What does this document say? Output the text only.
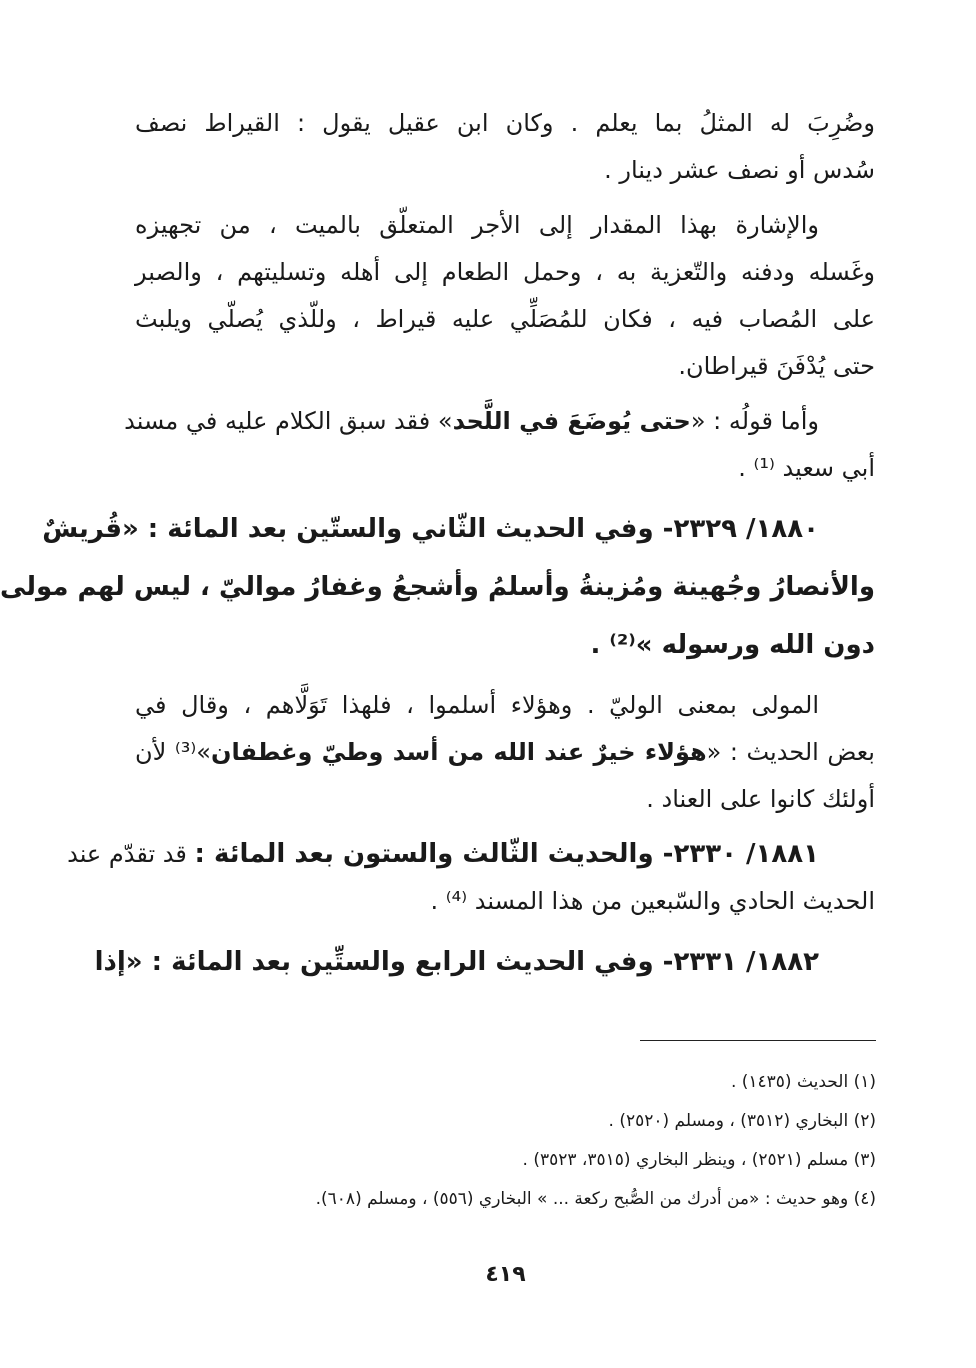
وضُرِبَ له المثلُ بما يعلم . وكان ابن عقيل يقول : القيراط نصف
سُدس أو نصف عشر دينار .
والإشارة بهذا المقدار إلى الأجر المتعلّق بالميت ، من تجهيزه
وغَسله ودفنه والتّعزية به ، وحمل الطعام إلى أهله وتسليتهم ، والصبر
على المُصاب فيه ، فكان للمُصَلِّي عليه قيراط ، وللّذي يُصلّي ويلبث
حتى يُدْفَنَ قيراطان.
وأما قولُه : «حتى يُوضَعَ في اللَّحد» فقد سبق الكلام عليه في مسند
أبي سعيد ⁽¹⁾ .
١٨٨٠/ ٢٣٢٩- وفي الحديث الثّاني والستّين بعد المائة : «قُريشٌ
والأنصارُ وجُهينة ومُزينةُ وأسلمُ وأشجعُ وغفارُ مواليّ ، ليس لهم مولى
دون الله ورسوله »⁽²⁾ .
المولى بمعنى الوليّ . وهؤلاء أسلموا ، فلهذا تَوَلَّاهم ، وقال في
بعض الحديث : «هؤلاء خيرٌ عند الله من أسد وطيّ وغطفان»⁽³⁾ لأن
أولئك كانوا على العناد .
١٨٨١/ ٢٣٣٠- والحديث الثّالث والستون بعد المائة : قد تقدّم عند
الحديث الحادي والسّبعين من هذا المسند ⁽⁴⁾ .
١٨٨٢/ ٢٣٣١- وفي الحديث الرابع والستِّين بعد المائة : «إذا
(١) الحديث (١٤٣٥) .
(٢) البخاري (٣٥١٢) ، ومسلم (٢٥٢٠) .
(٣) مسلم (٢٥٢١) ، وينظر البخاري (٣٥١٥، ٣٥٢٣) .
(٤) وهو حديث : «من أدرك من الصُّبح ركعة ... » البخاري (٥٥٦) ، ومسلم (٦٠٨).
٤١٩
